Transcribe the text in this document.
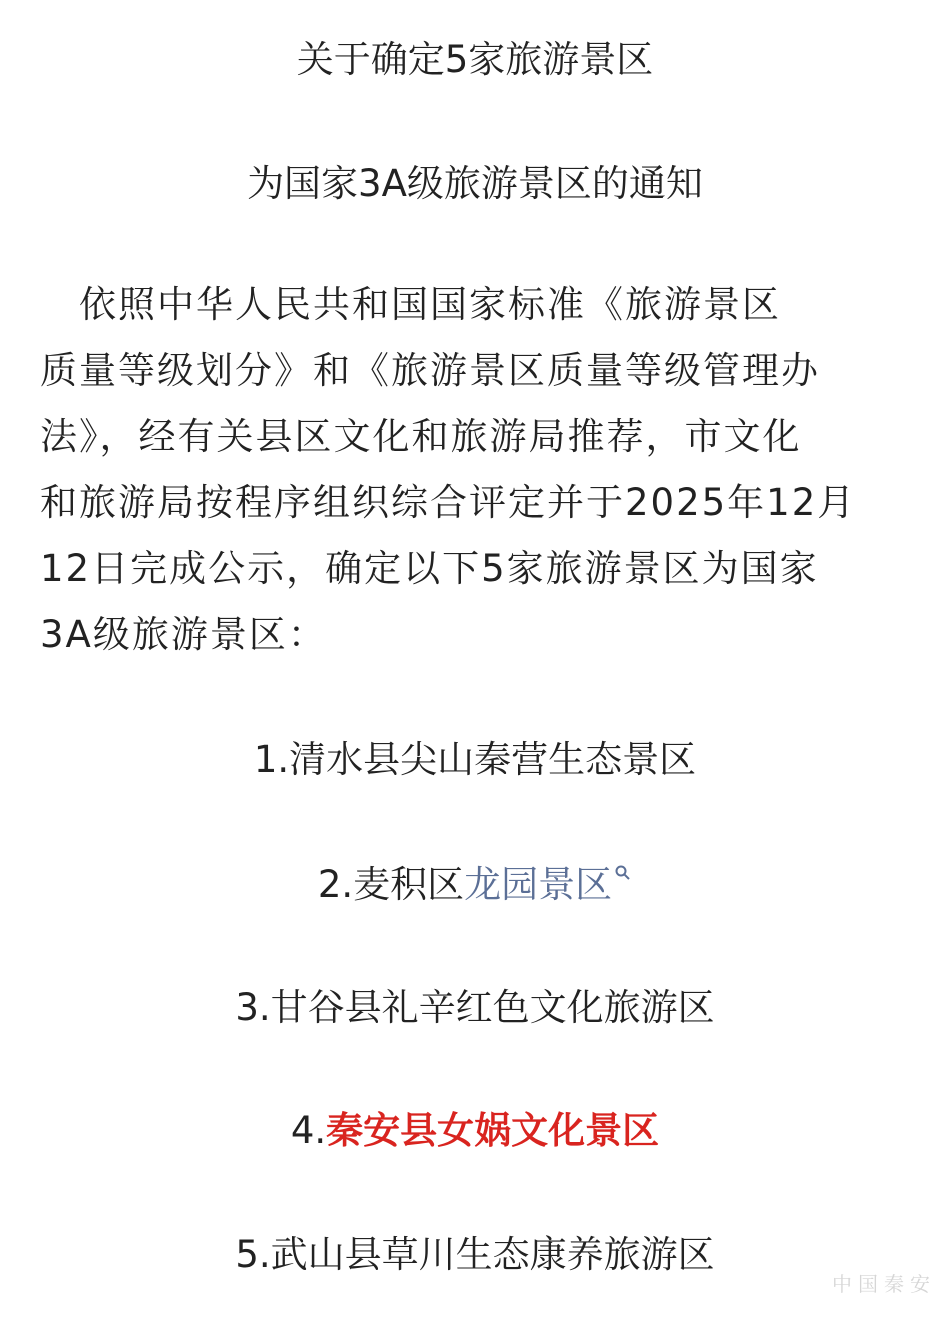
关于确定5家旅游景区
为国家3A级旅游景区的通知
　依照中华人民共和国国家标准《旅游景区
质量等级划分》和《旅游景区质量等级管理办
法》，经有关县区文化和旅游局推荐，市文化
和旅游局按程序组织综合评定并于2025年12月
12日完成公示，确定以下5家旅游景区为国家
3A级旅游景区：
1.清水县尖山秦营生态景区
2.麦积区龙园景区
3.甘谷县礼辛红色文化旅游区
4.秦安县女娲文化景区
5.武山县草川生态康养旅游区
中国秦安
